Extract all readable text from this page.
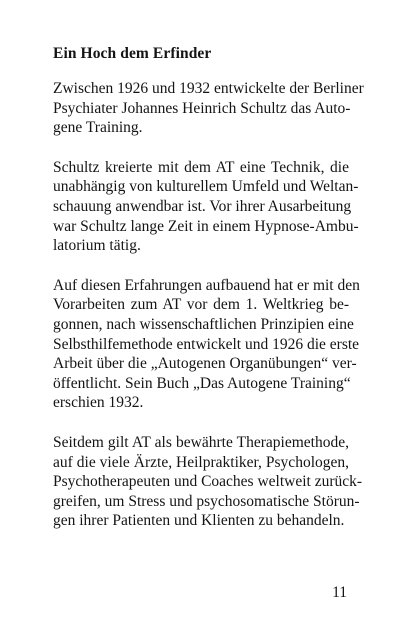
Ein Hoch dem Erfinder

Zwischen 1926 und 1932 entwickelte der Berliner
Psychiater Johannes Heinrich Schultz das Auto-
gene Training.

Schultz kreierte mit dem AT eine Technik, die
unabhängig von kulturellem Umfeld und Weltan-
schauung anwendbar ist. Vor ihrer Ausarbeitung
war Schultz lange Zeit in einem Hypnose-Ambu-
latorium tätig.

Auf diesen Erfahrungen aufbauend hat er mit den
Vorarbeiten zum AT vor dem 1. Weltkrieg be-
gonnen, nach wissenschaftlichen Prinzipien eine
Selbsthilfemethode entwickelt und 1926 die erste
Arbeit über die „Autogenen Organübungen“ ver-
öffentlicht. Sein Buch „Das Autogene Training“
erschien 1932.

Seitdem gilt AT als bewährte Therapiemethode,
auf die viele Ärzte, Heilpraktiker, Psychologen,
Psychotherapeuten und Coaches weltweit zurück-
greifen, um Stress und psychosomatische Störun-
gen ihrer Patienten und Klienten zu behandeln.

11
